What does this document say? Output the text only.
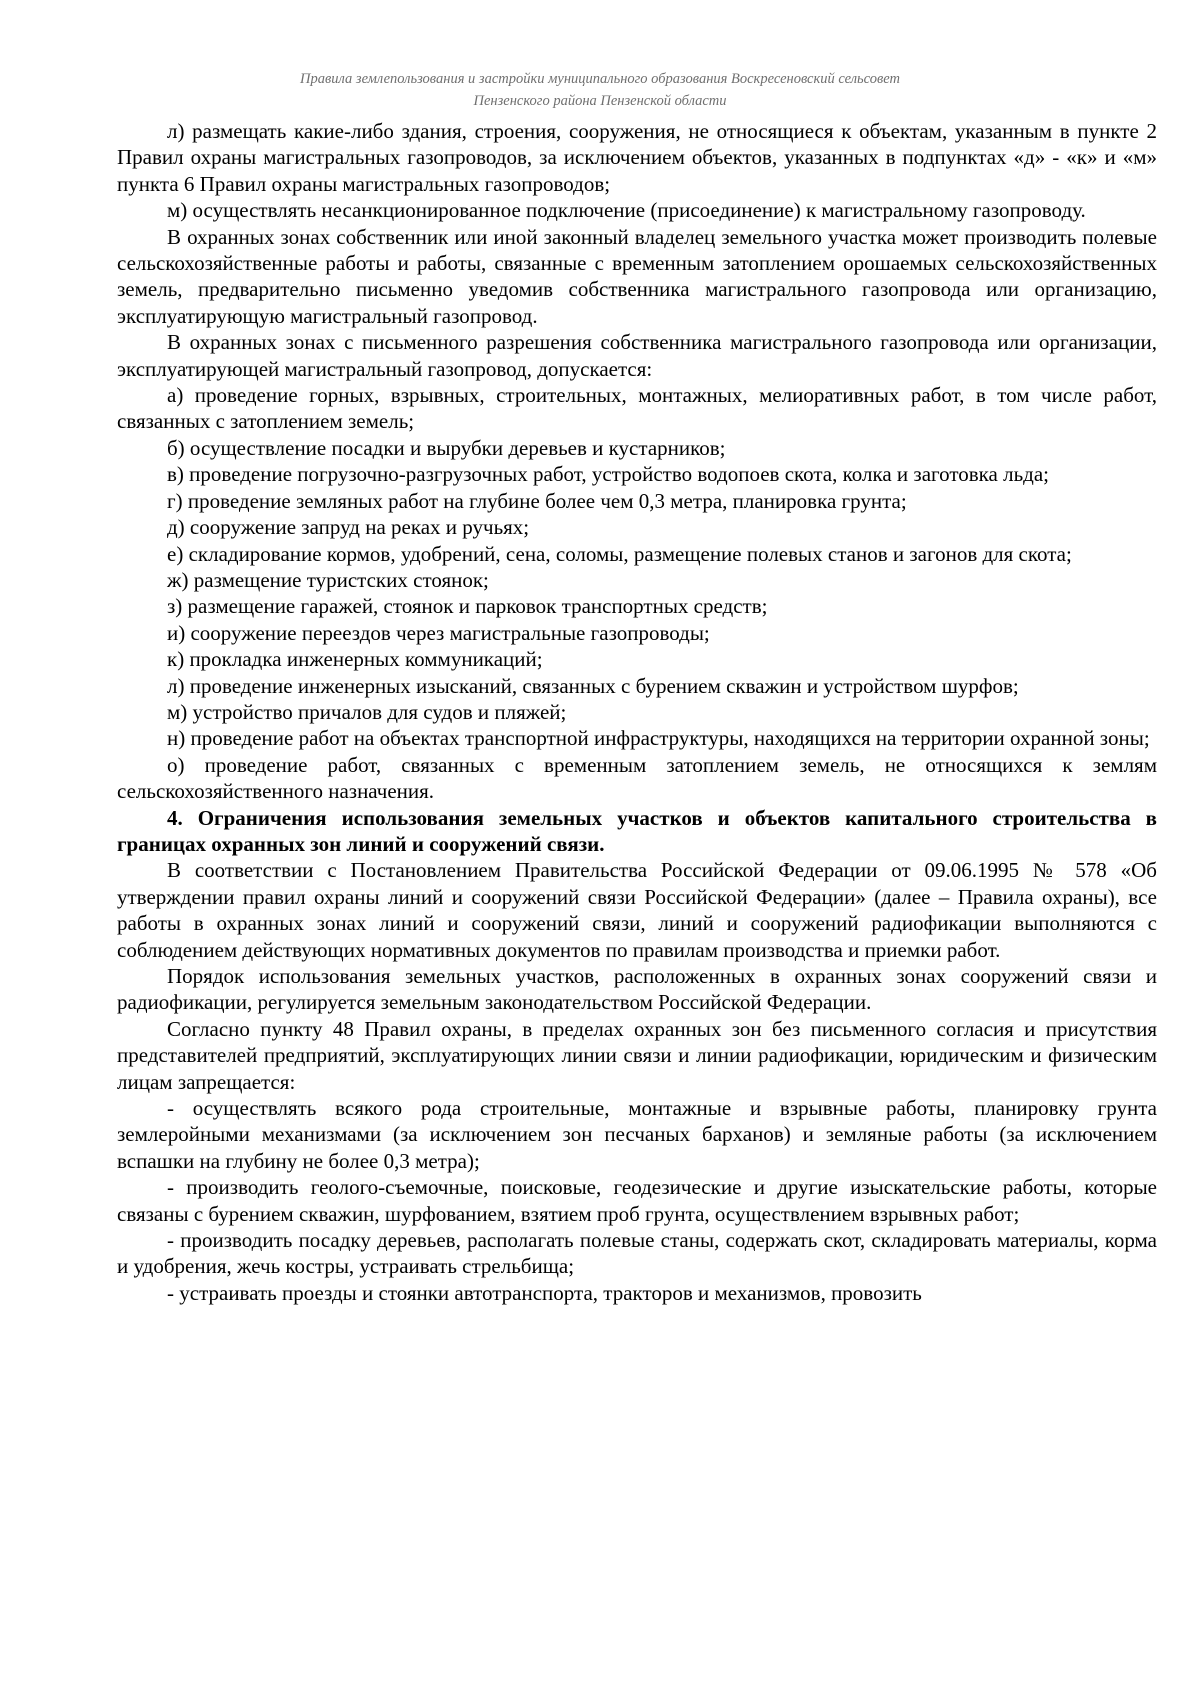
Правила землепользования и застройки муниципального образования Воскресеновский сельсовет
Пензенского района Пензенской области

л) размещать какие-либо здания, строения, сооружения, не относящиеся к объектам, указанным в пункте 2 Правил охраны магистральных газопроводов, за исключением объектов, указанных в подпунктах «д» - «к» и «м» пункта 6 Правил охраны магистральных газопроводов;

м) осуществлять несанкционированное подключение (присоединение) к магистральному газопроводу.

В охранных зонах собственник или иной законный владелец земельного участка может производить полевые сельскохозяйственные работы и работы, связанные с временным затоплением орошаемых сельскохозяйственных земель, предварительно письменно уведомив собственника магистрального газопровода или организацию, эксплуатирующую магистральный газопровод.

В охранных зонах с письменного разрешения собственника магистрального газопровода или организации, эксплуатирующей магистральный газопровод, допускается:

а) проведение горных, взрывных, строительных, монтажных, мелиоративных работ, в том числе работ, связанных с затоплением земель;

б) осуществление посадки и вырубки деревьев и кустарников;

в) проведение погрузочно-разгрузочных работ, устройство водопоев скота, колка и заготовка льда;

г) проведение земляных работ на глубине более чем 0,3 метра, планировка грунта;

д) сооружение запруд на реках и ручьях;

е) складирование кормов, удобрений, сена, соломы, размещение полевых станов и загонов для скота;

ж) размещение туристских стоянок;

з) размещение гаражей, стоянок и парковок транспортных средств;

и) сооружение переездов через магистральные газопроводы;

к) прокладка инженерных коммуникаций;

л) проведение инженерных изысканий, связанных с бурением скважин и устройством шурфов;

м) устройство причалов для судов и пляжей;

н) проведение работ на объектах транспортной инфраструктуры, находящихся на территории охранной зоны;

о) проведение работ, связанных с временным затоплением земель, не относящихся к землям сельскохозяйственного назначения.

4. Ограничения использования земельных участков и объектов капитального строительства в границах охранных зон линий и сооружений связи.

В соответствии с Постановлением Правительства Российской Федерации от 09.06.1995 № 578 «Об утверждении правил охраны линий и сооружений связи Российской Федерации» (далее – Правила охраны), все работы в охранных зонах линий и сооружений связи, линий и сооружений радиофикации выполняются с соблюдением действующих нормативных документов по правилам производства и приемки работ.

Порядок использования земельных участков, расположенных в охранных зонах сооружений связи и радиофикации, регулируется земельным законодательством Российской Федерации.

Согласно пункту 48 Правил охраны, в пределах охранных зон без письменного согласия и присутствия представителей предприятий, эксплуатирующих линии связи и линии радиофикации, юридическим и физическим лицам запрещается:

- осуществлять всякого рода строительные, монтажные и взрывные работы, планировку грунта землеройными механизмами (за исключением зон песчаных барханов) и земляные работы (за исключением вспашки на глубину не более 0,3 метра);

- производить геолого-съемочные, поисковые, геодезические и другие изыскательские работы, которые связаны с бурением скважин, шурфованием, взятием проб грунта, осуществлением взрывных работ;

- производить посадку деревьев, располагать полевые станы, содержать скот, складировать материалы, корма и удобрения, жечь костры, устраивать стрельбища;

- устраивать проезды и стоянки автотранспорта, тракторов и механизмов, провозить
